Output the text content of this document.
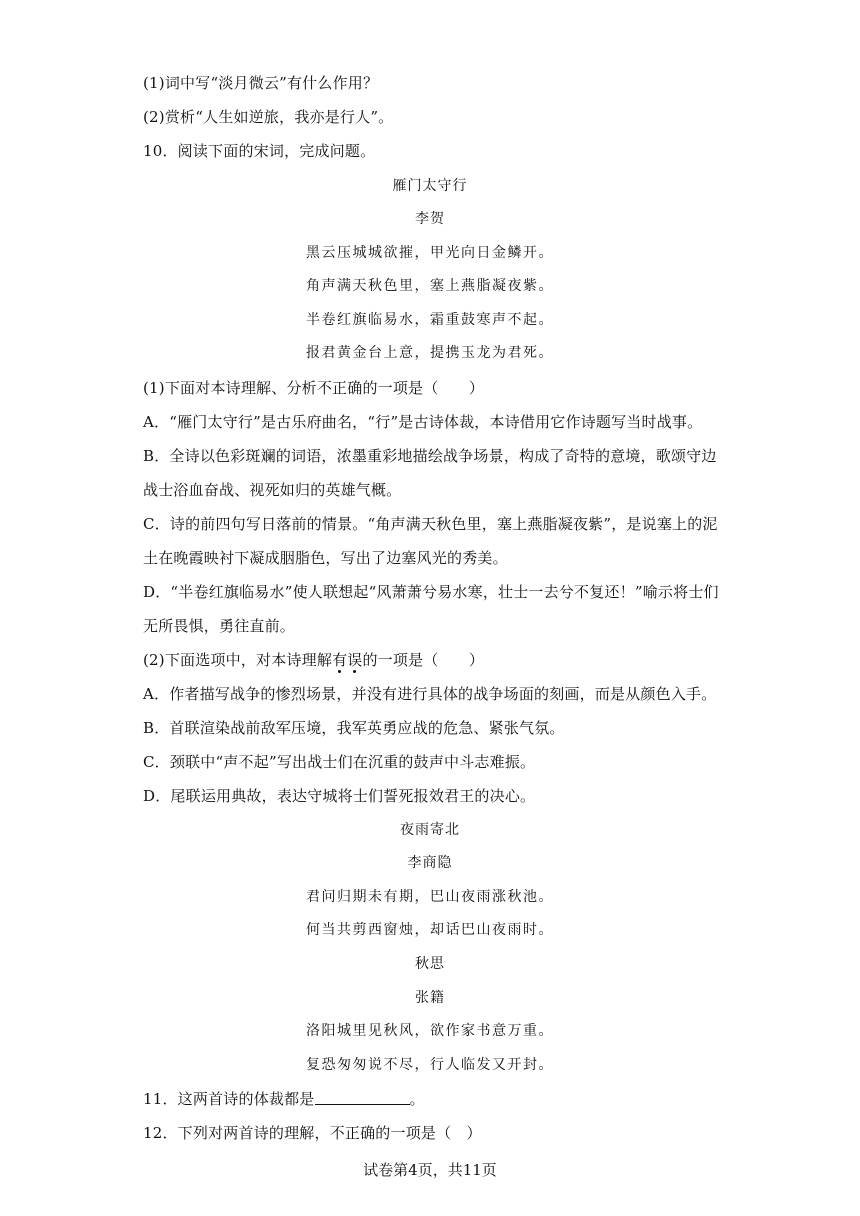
(1)词中写“淡月微云”有什么作用？
(2)赏析“人生如逆旅，我亦是行人”。
10．阅读下面的宋词，完成问题。
雁门太守行
李贺
黑云压城城欲摧，甲光向日金鳞开。
角声满天秋色里，塞上燕脂凝夜紫。
半卷红旗临易水，霜重鼓寒声不起。
报君黄金台上意，提携玉龙为君死。
(1)下面对本诗理解、分析不正确的一项是（　　）
A．“雁门太守行”是古乐府曲名，“行”是古诗体裁，本诗借用它作诗题写当时战事。
B．全诗以色彩斑斓的词语，浓墨重彩地描绘战争场景，构成了奇特的意境，歌颂守边
战士浴血奋战、视死如归的英雄气概。
C．诗的前四句写日落前的情景。“角声满天秋色里，塞上燕脂凝夜紫”，是说塞上的泥
土在晚霞映衬下凝成胭脂色，写出了边塞风光的秀美。
D．“半卷红旗临易水”使人联想起“风萧萧兮易水寒，壮士一去兮不复还！”喻示将士们
无所畏惧，勇往直前。
(2)下面选项中，对本诗理解有误的一项是（　　）
A．作者描写战争的惨烈场景，并没有进行具体的战争场面的刻画，而是从颜色入手。
B．首联渲染战前敌军压境，我军英勇应战的危急、紧张气氛。
C．颈联中“声不起”写出战士们在沉重的鼓声中斗志难振。
D．尾联运用典故，表达守城将士们誓死报效君王的决心。
夜雨寄北
李商隐
君问归期未有期，巴山夜雨涨秋池。
何当共剪西窗烛，却话巴山夜雨时。
秋思
张籍
洛阳城里见秋风，欲作家书意万重。
复恐匆匆说不尽，行人临发又开封。
11．这两首诗的体裁都是	。
12．下列对两首诗的理解，不正确的一项是（　）
试卷第4页，共11页
